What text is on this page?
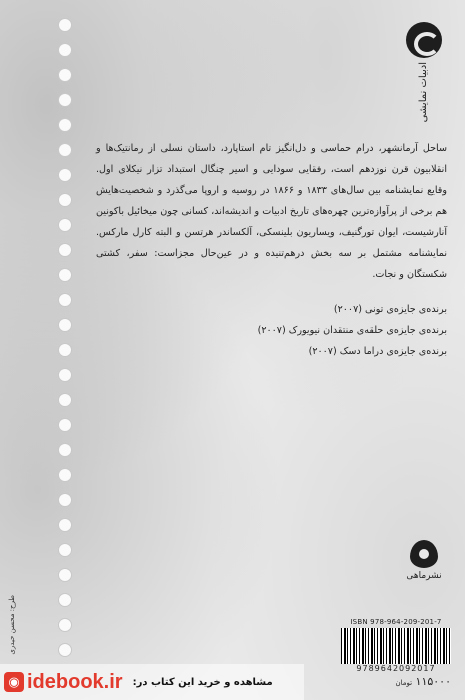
ادبیات نمایشی

ساحل آرمانشهر، درام حماسی و دل‌انگیز تام استاپارد، داستان نسلی از رمانتیک‌ها و انقلابیون قرن نوزدهم است، رفقایی سودایی و اسیر چنگال استبداد تزار نیکلای اول. وقایع نمایشنامه بین سال‌های ۱۸۳۳ و ۱۸۶۶ در روسیه و اروپا می‌گذرد و شخصیت‌هایش هم برخی از پرآوازه‌ترین چهره‌های تاریخ ادبیات و اندیشه‌اند، کسانی چون میخائیل باکونین آنارشیست، ایوان تورگنیف، ویساریون بلینسکی، آلکساندر هرتسن و البته کارل مارکس. نمایشنامه مشتمل بر سه بخش درهم‌تنیده و در عین‌حال مجزاست: سفر، کشتی شکستگان و نجات.

برنده‌ی جایزه‌ی تونی (۲۰۰۷)

برنده‌ی جایزه‌ی حلقه‌ی منتقدان نیویورک (۲۰۰۷)

برنده‌ی جایزه‌ی دراما دسک (۲۰۰۷)

نشرماهی
طرح: محسن حیدری	ISBN 978-964-209-201-7
9789642092017
۱۱۵۰۰۰ تومان
◉ idebook.ir مشاهده و خرید این کتاب در:
